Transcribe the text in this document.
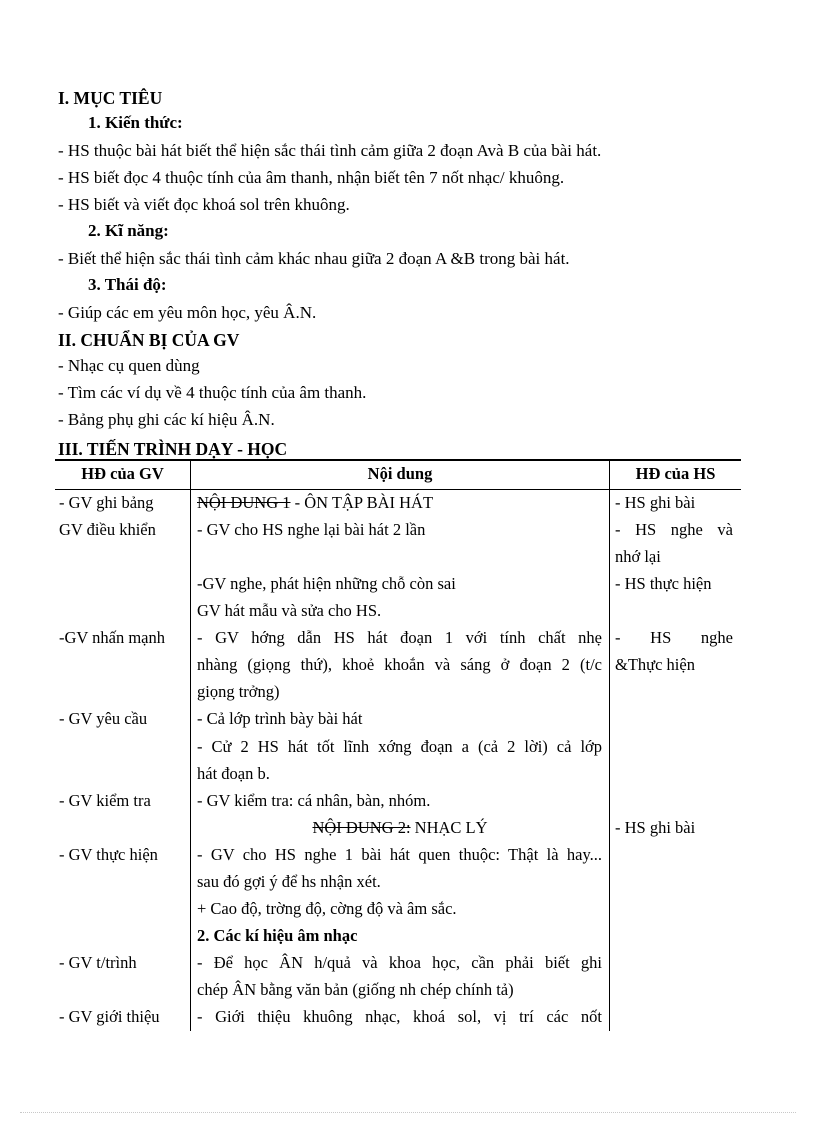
I. MỤC TIÊU
1. Kiến thức:
- HS thuộc bài hát biết thể hiện sắc thái tình cảm giữa 2 đoạn Avà B của bài hát.
- HS biết đọc 4 thuộc tính của âm thanh, nhận biết tên 7 nốt nhạc/ khuông.
- HS biết và viết đọc khoá sol trên khuông.
2. Kĩ năng:
- Biết thể hiện sắc thái tình cảm khác nhau giữa 2 đoạn A &B trong bài hát.
3. Thái độ:
- Giúp các em yêu môn học, yêu Â.N.
II. CHUẨN BỊ CỦA GV
- Nhạc cụ quen dùng
- Tìm các ví dụ về 4 thuộc tính của âm thanh.
- Bảng phụ ghi các kí hiệu Â.N.
III. TIẾN TRÌNH DẠY - HỌC
HĐ của GV	Nội dung	HĐ của HS
- GV ghi bảng
GV điều khiển
-GV nhấn mạnh
- GV yêu cầu
- GV kiểm tra
- GV thực hiện
- GV t/trình
- GV giới thiệu
NỘI DUNG 1 - ÔN TẬP BÀI HÁT
- GV cho HS nghe lại bài hát 2 lần
-GV nghe, phát hiện những chỗ còn sai
GV hát mẫu và sửa cho HS.
- GV hớng dẫn HS hát đoạn 1 với tính chất nhẹ
nhàng (giọng thứ), khoẻ khoắn và sáng ở đoạn 2 (t/c
giọng trởng)
- Cả lớp trình bày bài hát
- Cử 2 HS hát tốt lĩnh xớng đoạn a (cả 2 lời) cả lớp
hát đoạn b.
- GV kiểm tra: cá nhân, bàn, nhóm.
NỘI DUNG 2: NHẠC LÝ
- GV cho HS nghe 1 bài hát quen thuộc: Thật là hay...
sau đó gợi ý để hs nhận xét.
+ Cao độ, trờng độ, cờng độ và âm sắc.
2. Các kí hiệu âm nhạc
- Để học ÂN h/quả và khoa học, cần phải biết ghi
chép ÂN bằng văn bản (giống nh chép chính tả)
- Giới thiệu khuông nhạc, khoá sol, vị trí các nốt
- HS ghi bài
- HS nghe và
nhớ lại
- HS thực hiện
- HS nghe
&Thực hiện
- HS ghi bài
